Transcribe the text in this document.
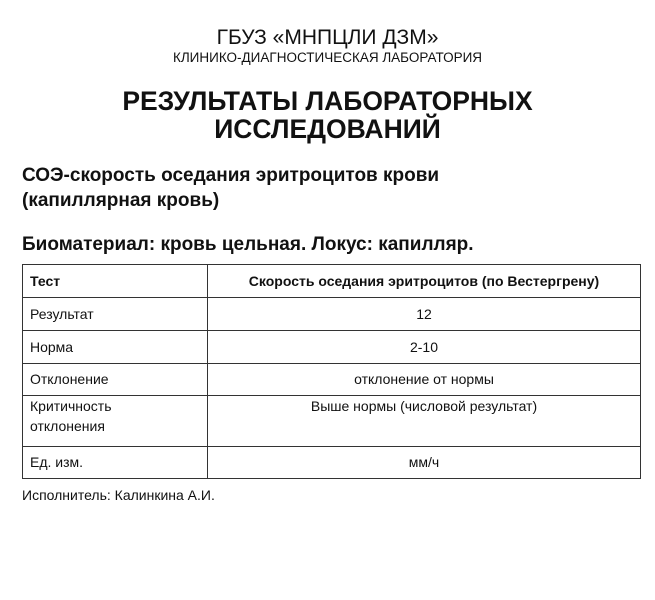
ГБУЗ «МНПЦЛИ ДЗМ»
КЛИНИКО-ДИАГНОСТИЧЕСКАЯ ЛАБОРАТОРИЯ
РЕЗУЛЬТАТЫ ЛАБОРАТОРНЫХ
ИССЛЕДОВАНИЙ
СОЭ-скорость оседания эритроцитов крови
(капиллярная кровь)
Биоматериал: кровь цельная. Локус: капилляр.
Тест	Скорость оседания эритроцитов (по Вестергрену)
Результат	12
Норма	2-10
Отклонение	отклонение от нормы

Критичность
отклонения	Выше нормы (числовой результат)
Ед. изм.	мм/ч
Исполнитель: Калинкина А.И.
